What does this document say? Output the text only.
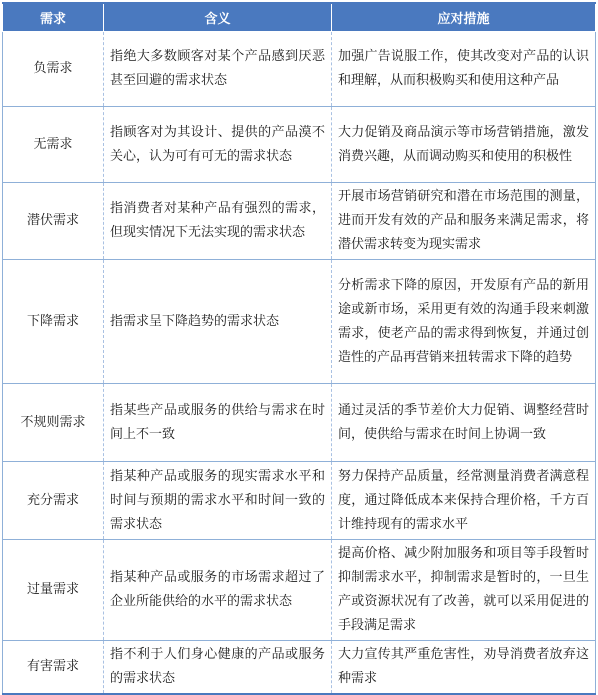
需求	含义	应对措施
负需求	指绝大多数顾客对某个产品感到厌恶甚至回避的需求状态	加强广告说服工作，使其改变对产品的认识和理解，从而积极购买和使用这种产品
无需求	指顾客对为其设计、提供的产品漠不关心，认为可有可无的需求状态	大力促销及商品演示等市场营销措施，激发消费兴趣，从而调动购买和使用的积极性
潜伏需求	指消费者对某种产品有强烈的需求，但现实情况下无法实现的需求状态	开展市场营销研究和潜在市场范围的测量，进而开发有效的产品和服务来满足需求，将潜伏需求转变为现实需求
下降需求	指需求呈下降趋势的需求状态	分析需求下降的原因，开发原有产品的新用途或新市场，采用更有效的沟通手段来刺激需求，使老产品的需求得到恢复，并通过创造性的产品再营销来扭转需求下降的趋势
不规则需求	指某些产品或服务的供给与需求在时间上不一致	通过灵活的季节差价大力促销、调整经营时间，使供给与需求在时间上协调一致
充分需求	指某种产品或服务的现实需求水平和时间与预期的需求水平和时间一致的需求状态	努力保持产品质量，经常测量消费者满意程度，通过降低成本来保持合理价格，千方百计维持现有的需求水平
过量需求	指某种产品或服务的市场需求超过了企业所能供给的水平的需求状态	提高价格、减少附加服务和项目等手段暂时抑制需求水平，抑制需求是暂时的，一旦生产或资源状况有了改善，就可以采用促进的手段满足需求
有害需求	指不利于人们身心健康的产品或服务的需求状态	大力宣传其严重危害性，劝导消费者放弃这种需求
